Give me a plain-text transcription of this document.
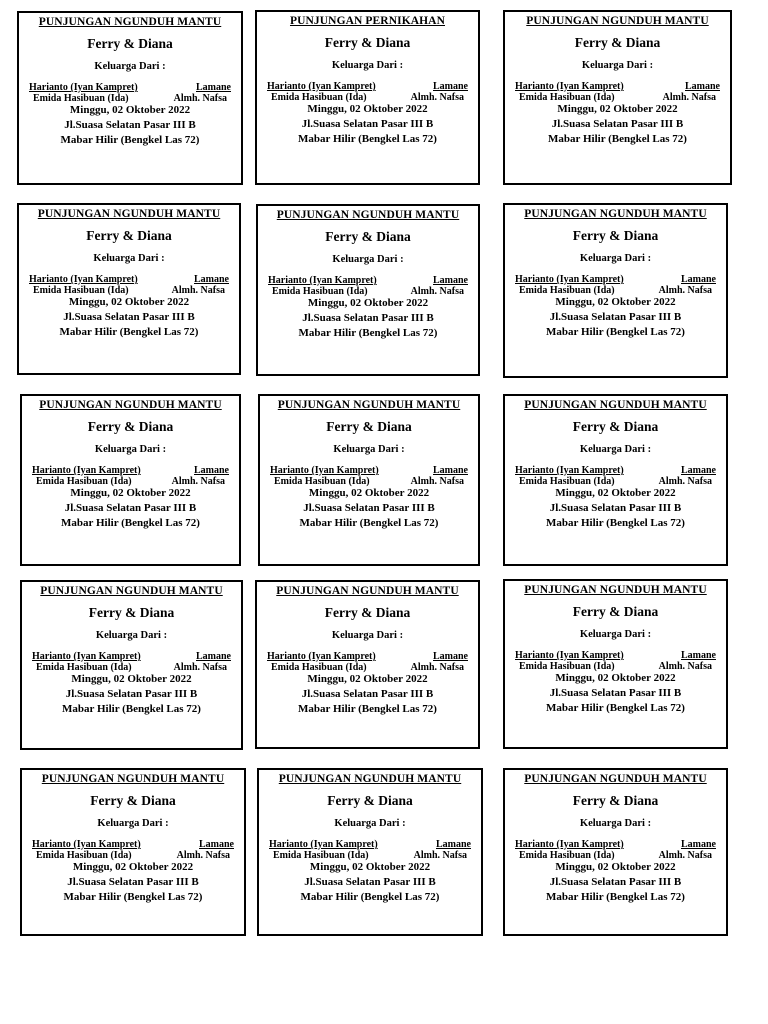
PUNJUNGAN NGUNDUH MANTU
Ferry & Diana
Keluarga Dari :
Harianto (Iyan Kampret)	Lamane
Emida Hasibuan (Ida)	Almh. Nafsa
Minggu, 02 Oktober 2022
Jl.Suasa Selatan Pasar III B
Mabar Hilir (Bengkel Las 72)
PUNJUNGAN PERNIKAHAN
Ferry & Diana
Keluarga Dari :
Harianto (Iyan Kampret)	Lamane
Emida Hasibuan (Ida)	Almh. Nafsa
Minggu, 02 Oktober 2022
Jl.Suasa Selatan Pasar III B
Mabar Hilir (Bengkel Las 72)
PUNJUNGAN NGUNDUH MANTU
Ferry & Diana
Keluarga Dari :
Harianto (Iyan Kampret)	Lamane
Emida Hasibuan (Ida)	Almh. Nafsa
Minggu, 02 Oktober 2022
Jl.Suasa Selatan Pasar III B
Mabar Hilir (Bengkel Las 72)
PUNJUNGAN NGUNDUH MANTU
Ferry & Diana
Keluarga Dari :
Harianto (Iyan Kampret)	Lamane
Emida Hasibuan (Ida)	Almh. Nafsa
Minggu, 02 Oktober 2022
Jl.Suasa Selatan Pasar III B
Mabar Hilir (Bengkel Las 72)
PUNJUNGAN NGUNDUH MANTU
Ferry & Diana
Keluarga Dari :
Harianto (Iyan Kampret)	Lamane
Emida Hasibuan (Ida)	Almh. Nafsa
Minggu, 02 Oktober 2022
Jl.Suasa Selatan Pasar III B
Mabar Hilir (Bengkel Las 72)
PUNJUNGAN NGUNDUH MANTU
Ferry & Diana
Keluarga Dari :
Harianto (Iyan Kampret)	Lamane
Emida Hasibuan (Ida)	Almh. Nafsa
Minggu, 02 Oktober 2022
Jl.Suasa Selatan Pasar III B
Mabar Hilir (Bengkel Las 72)
PUNJUNGAN NGUNDUH MANTU
Ferry & Diana
Keluarga Dari :
Harianto (Iyan Kampret)	Lamane
Emida Hasibuan (Ida)	Almh. Nafsa
Minggu, 02 Oktober 2022
Jl.Suasa Selatan Pasar III B
Mabar Hilir (Bengkel Las 72)
PUNJUNGAN NGUNDUH MANTU
Ferry & Diana
Keluarga Dari :
Harianto (Iyan Kampret)	Lamane
Emida Hasibuan (Ida)	Almh. Nafsa
Minggu, 02 Oktober 2022
Jl.Suasa Selatan Pasar III B
Mabar Hilir (Bengkel Las 72)
PUNJUNGAN NGUNDUH MANTU
Ferry & Diana
Keluarga Dari :
Harianto (Iyan Kampret)	Lamane
Emida Hasibuan (Ida)	Almh. Nafsa
Minggu, 02 Oktober 2022
Jl.Suasa Selatan Pasar III B
Mabar Hilir (Bengkel Las 72)
PUNJUNGAN NGUNDUH MANTU
Ferry & Diana
Keluarga Dari :
Harianto (Iyan Kampret)	Lamane
Emida Hasibuan (Ida)	Almh. Nafsa
Minggu, 02 Oktober 2022
Jl.Suasa Selatan Pasar III B
Mabar Hilir (Bengkel Las 72)
PUNJUNGAN NGUNDUH MANTU
Ferry & Diana
Keluarga Dari :
Harianto (Iyan Kampret)	Lamane
Emida Hasibuan (Ida)	Almh. Nafsa
Minggu, 02 Oktober 2022
Jl.Suasa Selatan Pasar III B
Mabar Hilir (Bengkel Las 72)
PUNJUNGAN NGUNDUH MANTU
Ferry & Diana
Keluarga Dari :
Harianto (Iyan Kampret)	Lamane
Emida Hasibuan (Ida)	Almh. Nafsa
Minggu, 02 Oktober 2022
Jl.Suasa Selatan Pasar III B
Mabar Hilir (Bengkel Las 72)
PUNJUNGAN NGUNDUH MANTU
Ferry & Diana
Keluarga Dari :
Harianto (Iyan Kampret)	Lamane
Emida Hasibuan (Ida)	Almh. Nafsa
Minggu, 02 Oktober 2022
Jl.Suasa Selatan Pasar III B
Mabar Hilir (Bengkel Las 72)
PUNJUNGAN NGUNDUH MANTU
Ferry & Diana
Keluarga Dari :
Harianto (Iyan Kampret)	Lamane
Emida Hasibuan (Ida)	Almh. Nafsa
Minggu, 02 Oktober 2022
Jl.Suasa Selatan Pasar III B
Mabar Hilir (Bengkel Las 72)
PUNJUNGAN NGUNDUH MANTU
Ferry & Diana
Keluarga Dari :
Harianto (Iyan Kampret)	Lamane
Emida Hasibuan (Ida)	Almh. Nafsa
Minggu, 02 Oktober 2022
Jl.Suasa Selatan Pasar III B
Mabar Hilir (Bengkel Las 72)
